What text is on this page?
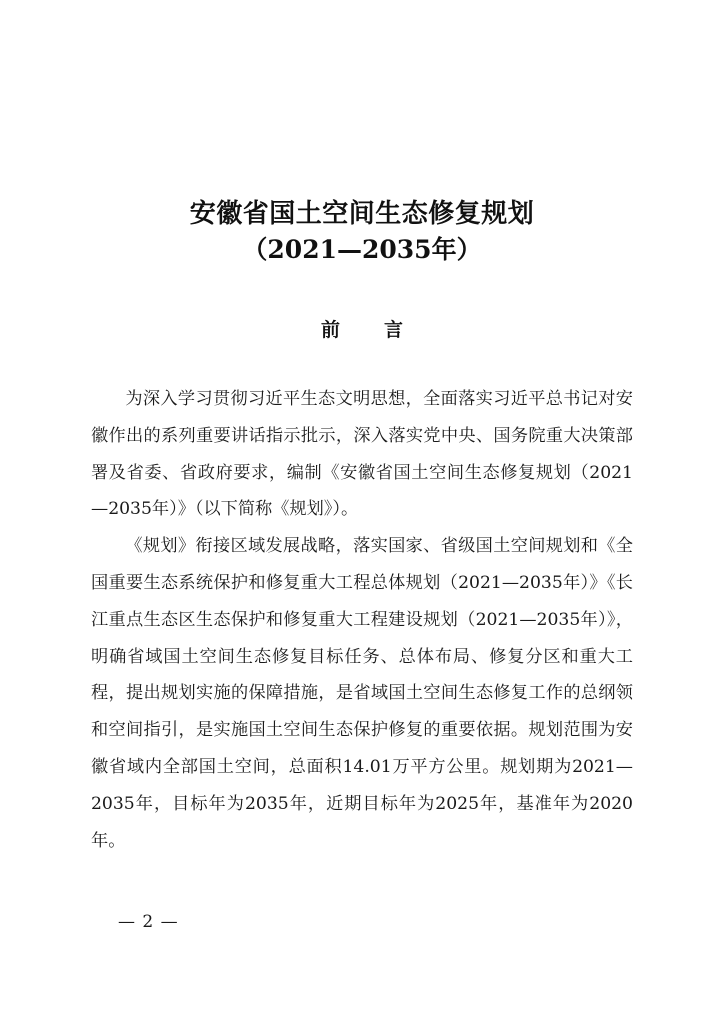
安徽省国土空间生态修复规划
（2021—2035年）
前言

为深入学习贯彻习近平生态文明思想，全面落实习近平总书记对安徽作出的系列重要讲话指示批示，深入落实党中央、国务院重大决策部署及省委、省政府要求，编制《安徽省国土空间生态修复规划（2021—2035年）》（以下简称《规划》）。

《规划》衔接区域发展战略，落实国家、省级国土空间规划和《全国重要生态系统保护和修复重大工程总体规划（2021—2035年）》《长江重点生态区生态保护和修复重大工程建设规划（2021—2035年）》，明确省域国土空间生态修复目标任务、总体布局、修复分区和重大工程，提出规划实施的保障措施，是省域国土空间生态修复工作的总纲领和空间指引，是实施国土空间生态保护修复的重要依据。规划范围为安徽省域内全部国土空间，总面积14.01万平方公里。规划期为2021—2035年，目标年为2035年，近期目标年为2025年，基准年为2020年。

— 2 —
